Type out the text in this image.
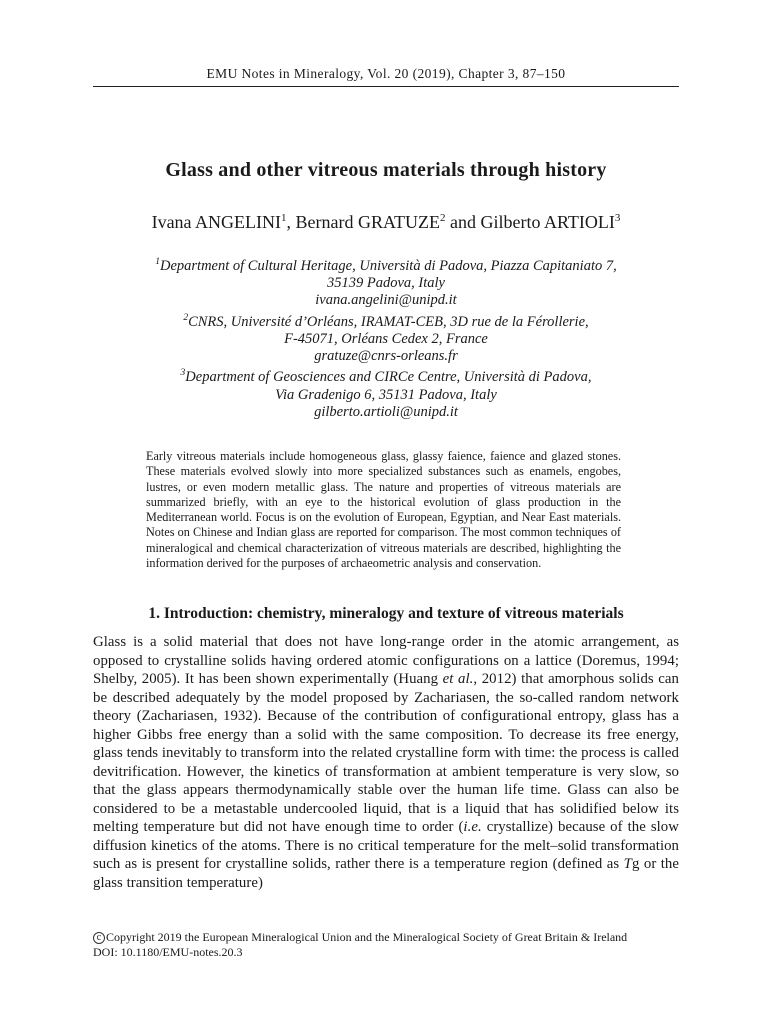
EMU Notes in Mineralogy, Vol. 20 (2019), Chapter 3, 87–150
Glass and other vitreous materials through history
Ivana ANGELINI$^1$, Bernard GRATUZE$^2$ and Gilberto ARTIOLI$^3$
$^1$Department of Cultural Heritage, Università di Padova, Piazza Capitaniato 7,
35139 Padova, Italy
ivana.angelini@unipd.it
$^2$CNRS, Université d’Orléans, IRAMAT-CEB, 3D rue de la Férollerie,
F-45071, Orléans Cedex 2, France
gratuze@cnrs-orleans.fr
$^3$Department of Geosciences and CIRCe Centre, Università di Padova,
Via Gradenigo 6, 35131 Padova, Italy
gilberto.artioli@unipd.it

Early vitreous materials include homogeneous glass, glassy faience, faience and glazed stones. These materials evolved slowly into more specialized substances such as enamels, engobes, lustres, or even modern metallic glass. The nature and properties of vitreous materials are summarized briefly, with an eye to the historical evolution of glass production in the Mediterranean world. Focus is on the evolution of European, Egyptian, and Near East materials. Notes on Chinese and Indian glass are reported for comparison. The most common techniques of mineralogical and chemical characterization of vitreous materials are described, highlighting the information derived for the purposes of archaeometric analysis and conservation.

1. Introduction: chemistry, mineralogy and texture of vitreous materials

Glass is a solid material that does not have long-range order in the atomic arrangement, as opposed to crystalline solids having ordered atomic configurations on a lattice (Doremus, 1994; Shelby, 2005). It has been shown experimentally (Huang et al., 2012) that amorphous solids can be described adequately by the model proposed by Zachariasen, the so-called random network theory (Zachariasen, 1932). Because of the contribution of configurational entropy, glass has a higher Gibbs free energy than a solid with the same composition. To decrease its free energy, glass tends inevitably to transform into the related crystalline form with time: the process is called devitrification. However, the kinetics of transformation at ambient temperature is very slow, so that the glass appears thermodynamically stable over the human life time. Glass can also be considered to be a metastable undercooled liquid, that is a liquid that has solidified below its melting temperature but did not have enough time to order (i.e. crystallize) because of the slow diffusion kinetics of the atoms. There is no critical temperature for the melt–solid transformation such as is present for crystalline solids, rather there is a temperature region (defined as Tg or the glass transition temperature)

c Copyright 2019 the European Mineralogical Union and the Mineralogical Society of Great Britain & Ireland
DOI: 10.1180/EMU-notes.20.3
